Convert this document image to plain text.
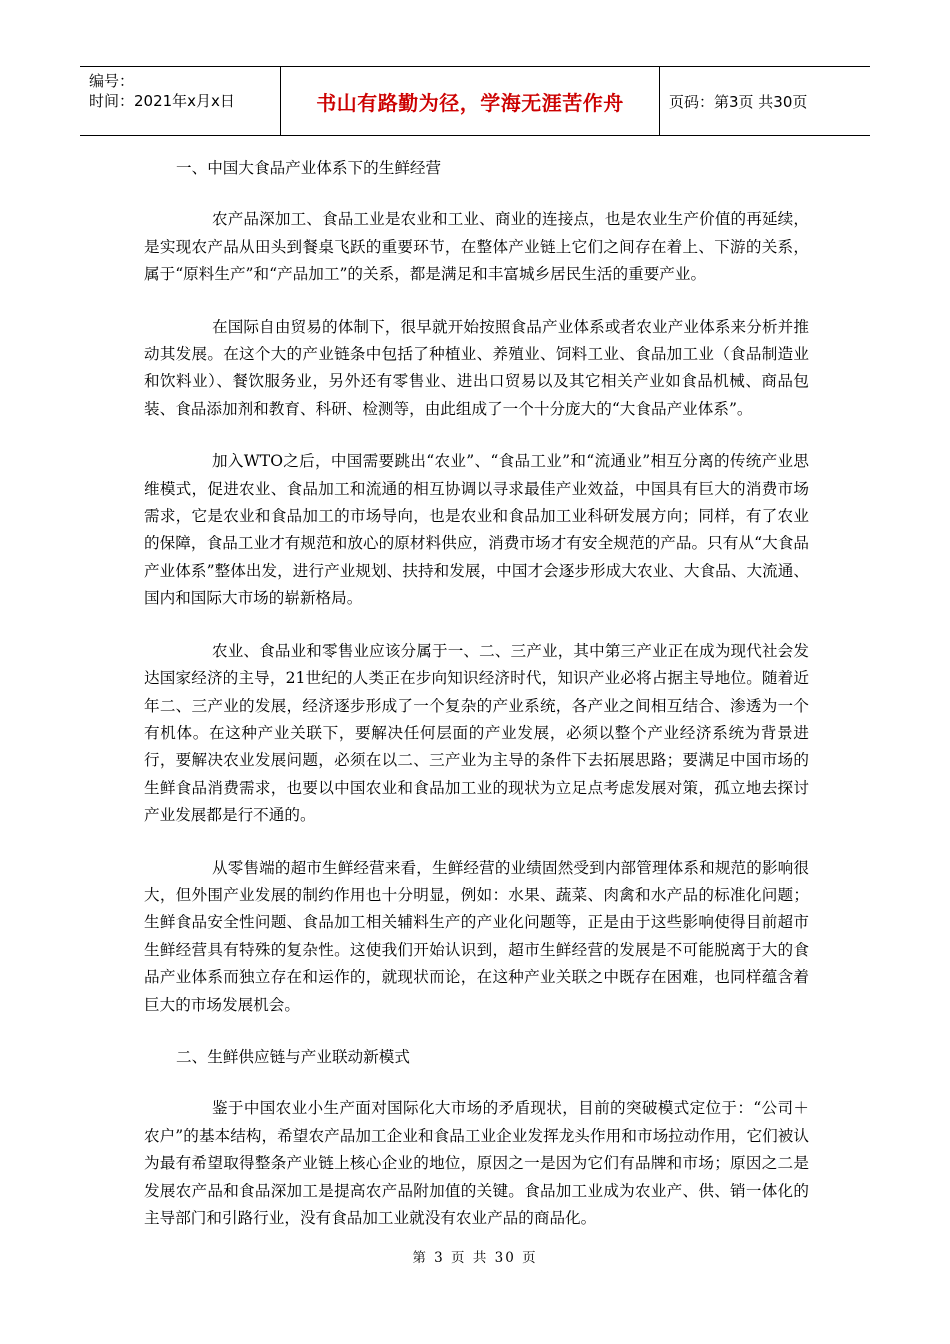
编号：
时间：2021年x月x日	书山有路勤为径，学海无涯苦作舟	页码：第3页 共30页
一、中国大食品产业体系下的生鲜经营

农产品深加工、食品工业是农业和工业、商业的连接点，也是农业生产价值的再延续，是实现农产品从田头到餐桌飞跃的重要环节，在整体产业链上它们之间存在着上、下游的关系，属于“原料生产”和“产品加工”的关系，都是满足和丰富城乡居民生活的重要产业。

在国际自由贸易的体制下，很早就开始按照食品产业体系或者农业产业体系来分析并推动其发展。在这个大的产业链条中包括了种植业、养殖业、饲料工业、食品加工业（食品制造业和饮料业）、餐饮服务业，另外还有零售业、进出口贸易以及其它相关产业如食品机械、商品包装、食品添加剂和教育、科研、检测等，由此组成了一个十分庞大的“大食品产业体系”。

加入WTO之后，中国需要跳出“农业”、“食品工业”和“流通业”相互分离的传统产业思维模式，促进农业、食品加工和流通的相互协调以寻求最佳产业效益，中国具有巨大的消费市场需求，它是农业和食品加工的市场导向，也是农业和食品加工业科研发展方向；同样，有了农业的保障，食品工业才有规范和放心的原材料供应，消费市场才有安全规范的产品。只有从“大食品产业体系”整体出发，进行产业规划、扶持和发展，中国才会逐步形成大农业、大食品、大流通、国内和国际大市场的崭新格局。

农业、食品业和零售业应该分属于一、二、三产业，其中第三产业正在成为现代社会发达国家经济的主导，21世纪的人类正在步向知识经济时代，知识产业必将占据主导地位。随着近年二、三产业的发展，经济逐步形成了一个复杂的产业系统，各产业之间相互结合、渗透为一个有机体。在这种产业关联下，要解决任何层面的产业发展，必须以整个产业经济系统为背景进行，要解决农业发展问题，必须在以二、三产业为主导的条件下去拓展思路；要满足中国市场的生鲜食品消费需求，也要以中国农业和食品加工业的现状为立足点考虑发展对策，孤立地去探讨产业发展都是行不通的。

从零售端的超市生鲜经营来看，生鲜经营的业绩固然受到内部管理体系和规范的影响很大，但外围产业发展的制约作用也十分明显，例如：水果、蔬菜、肉禽和水产品的标准化问题；生鲜食品安全性问题、食品加工相关辅料生产的产业化问题等，正是由于这些影响使得目前超市生鲜经营具有特殊的复杂性。这使我们开始认识到，超市生鲜经营的发展是不可能脱离于大的食品产业体系而独立存在和运作的，就现状而论，在这种产业关联之中既存在困难，也同样蕴含着巨大的市场发展机会。

二、生鲜供应链与产业联动新模式

鉴于中国农业小生产面对国际化大市场的矛盾现状，目前的突破模式定位于：“公司＋农户”的基本结构，希望农产品加工企业和食品工业企业发挥龙头作用和市场拉动作用，它们被认为最有希望取得整条产业链上核心企业的地位，原因之一是因为它们有品牌和市场；原因之二是发展农产品和食品深加工是提高农产品附加值的关键。食品加工业成为农业产、供、销一体化的主导部门和引路行业，没有食品加工业就没有农业产品的商品化。

第 3 页 共 30 页
